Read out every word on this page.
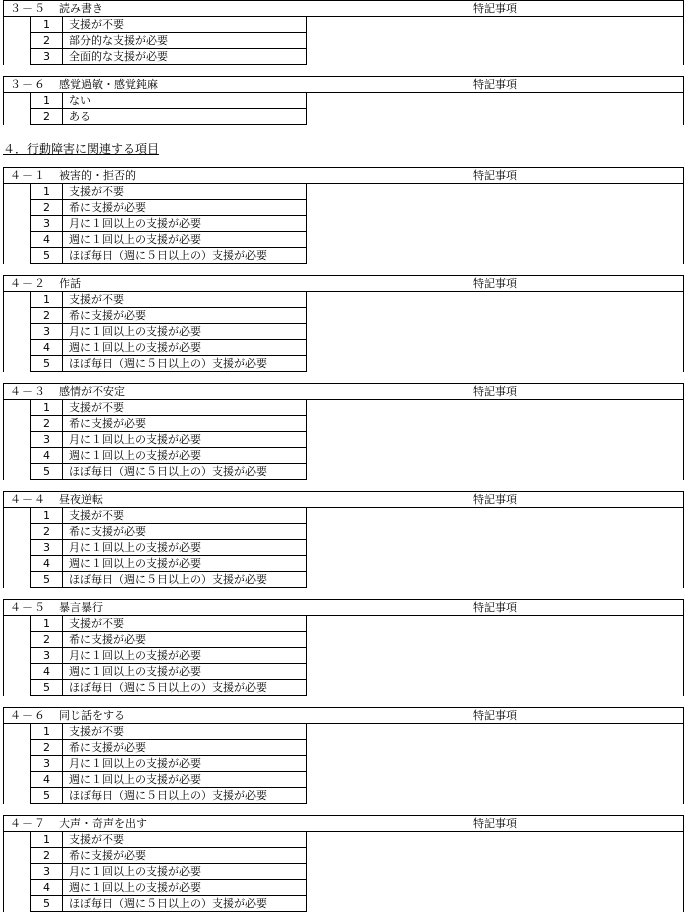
４．行動障害に関連する項目
３－５ 読み書き	特記事項
1	支援が不要
2	部分的な支援が必要
3	全面的な支援が必要
３－６ 感覚過敏・感覚鈍麻	特記事項
1	ない
2	ある
４－１ 被害的・拒否的	特記事項
1	支援が不要
2	希に支援が必要
3	月に１回以上の支援が必要
4	週に１回以上の支援が必要
5	ほぼ毎日（週に５日以上の）支援が必要
４－２ 作話	特記事項
1	支援が不要
2	希に支援が必要
3	月に１回以上の支援が必要
4	週に１回以上の支援が必要
5	ほぼ毎日（週に５日以上の）支援が必要
４－３ 感情が不安定	特記事項
1	支援が不要
2	希に支援が必要
3	月に１回以上の支援が必要
4	週に１回以上の支援が必要
5	ほぼ毎日（週に５日以上の）支援が必要
４－４ 昼夜逆転	特記事項
1	支援が不要
2	希に支援が必要
3	月に１回以上の支援が必要
4	週に１回以上の支援が必要
5	ほぼ毎日（週に５日以上の）支援が必要
４－５ 暴言暴行	特記事項
1	支援が不要
2	希に支援が必要
3	月に１回以上の支援が必要
4	週に１回以上の支援が必要
5	ほぼ毎日（週に５日以上の）支援が必要
４－６ 同じ話をする	特記事項
1	支援が不要
2	希に支援が必要
3	月に１回以上の支援が必要
4	週に１回以上の支援が必要
5	ほぼ毎日（週に５日以上の）支援が必要
４－７ 大声・奇声を出す	特記事項
1	支援が不要
2	希に支援が必要
3	月に１回以上の支援が必要
4	週に１回以上の支援が必要
5	ほぼ毎日（週に５日以上の）支援が必要
